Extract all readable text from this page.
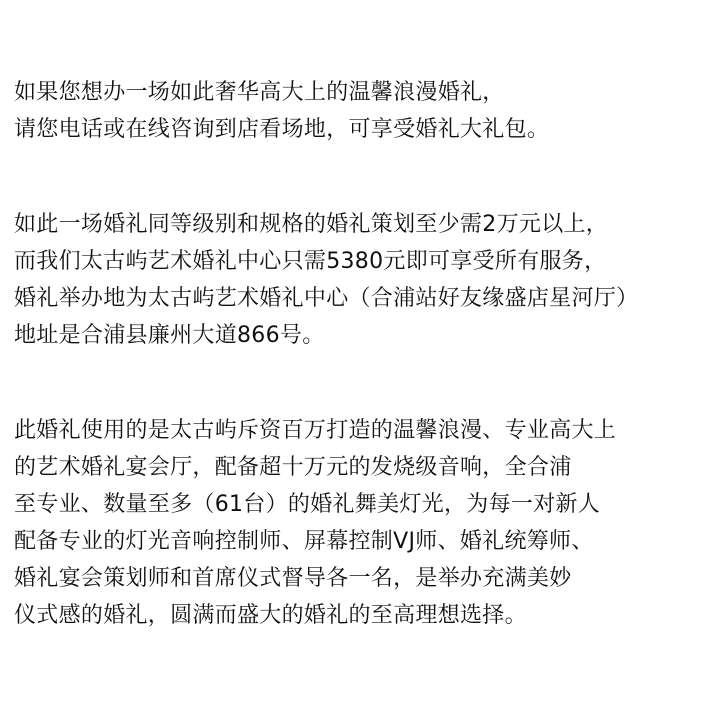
如果您想办一场如此奢华高大上的温馨浪漫婚礼，
请您电话或在线咨询到店看场地，可享受婚礼大礼包。
如此一场婚礼同等级别和规格的婚礼策划至少需2万元以上，
而我们太古屿艺术婚礼中心只需5380元即可享受所有服务，
婚礼举办地为太古屿艺术婚礼中心（合浦站好友缘盛店星河厅）
地址是合浦县廉州大道866号。
此婚礼使用的是太古屿斥资百万打造的温馨浪漫、专业高大上
的艺术婚礼宴会厅，配备超十万元的发烧级音响，全合浦
至专业、数量至多（61台）的婚礼舞美灯光，为每一对新人
配备专业的灯光音响控制师、屏幕控制VJ师、婚礼统筹师、
婚礼宴会策划师和首席仪式督导各一名，是举办充满美妙
仪式感的婚礼，圆满而盛大的婚礼的至高理想选择。
